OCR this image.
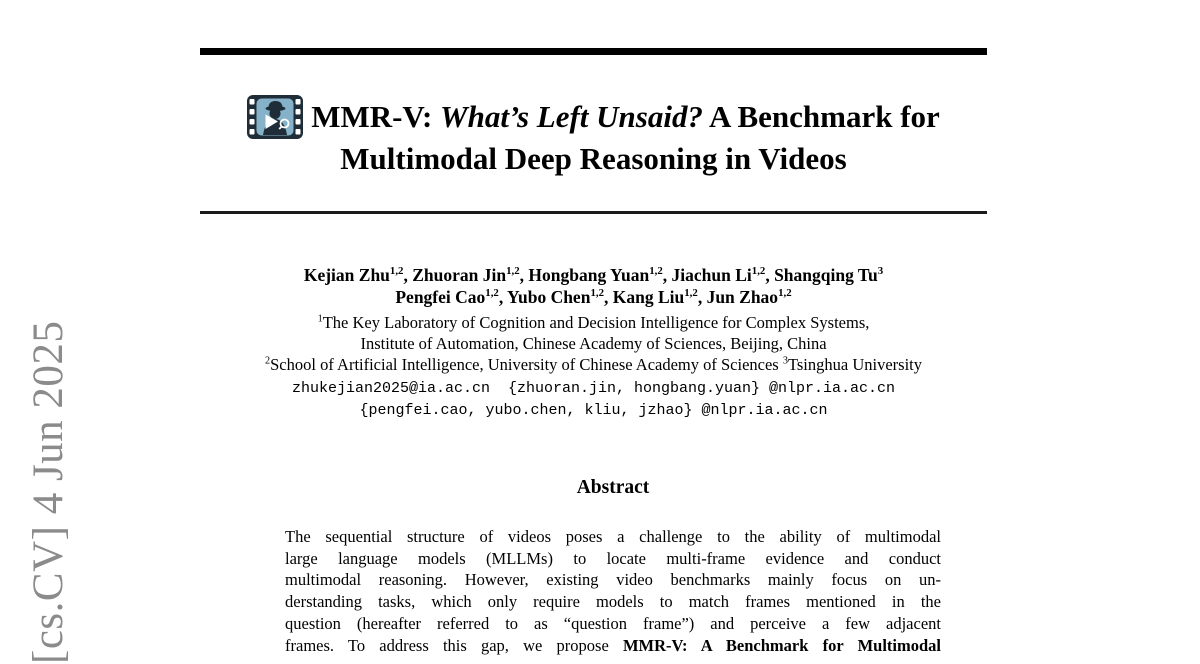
[cs.CV] 4 Jun 2025
MMR-V: What’s Left Unsaid? A Benchmark for
Multimodal Deep Reasoning in Videos
Kejian Zhu$^{1,2}$, Zhuoran Jin$^{1,2}$, Hongbang Yuan$^{1,2}$, Jiachun Li$^{1,2}$, Shangqing Tu$^3$
Pengfei Cao$^{1,2}$, Yubo Chen$^{1,2}$, Kang Liu$^{1,2}$, Jun Zhao$^{1,2}$
$^1$The Key Laboratory of Cognition and Decision Intelligence for Complex Systems,
Institute of Automation, Chinese Academy of Sciences, Beijing, China
$^2$School of Artificial Intelligence, University of Chinese Academy of Sciences $^3$Tsinghua University
zhukejian2025@ia.ac.cn  {zhuoran.jin, hongbang.yuan} @nlpr.ia.ac.cn
{pengfei.cao, yubo.chen, kliu, jzhao} @nlpr.ia.ac.cn
Abstract
The sequential structure of videos poses a challenge to the ability of multimodal
large language models (MLLMs) to locate multi-frame evidence and conduct
multimodal reasoning. However, existing video benchmarks mainly focus on un-
derstanding tasks, which only require models to match frames mentioned in the
question (hereafter referred to as “question frame”) and perceive a few adjacent
frames. To address this gap, we propose MMR-V: A Benchmark for Multimodal
